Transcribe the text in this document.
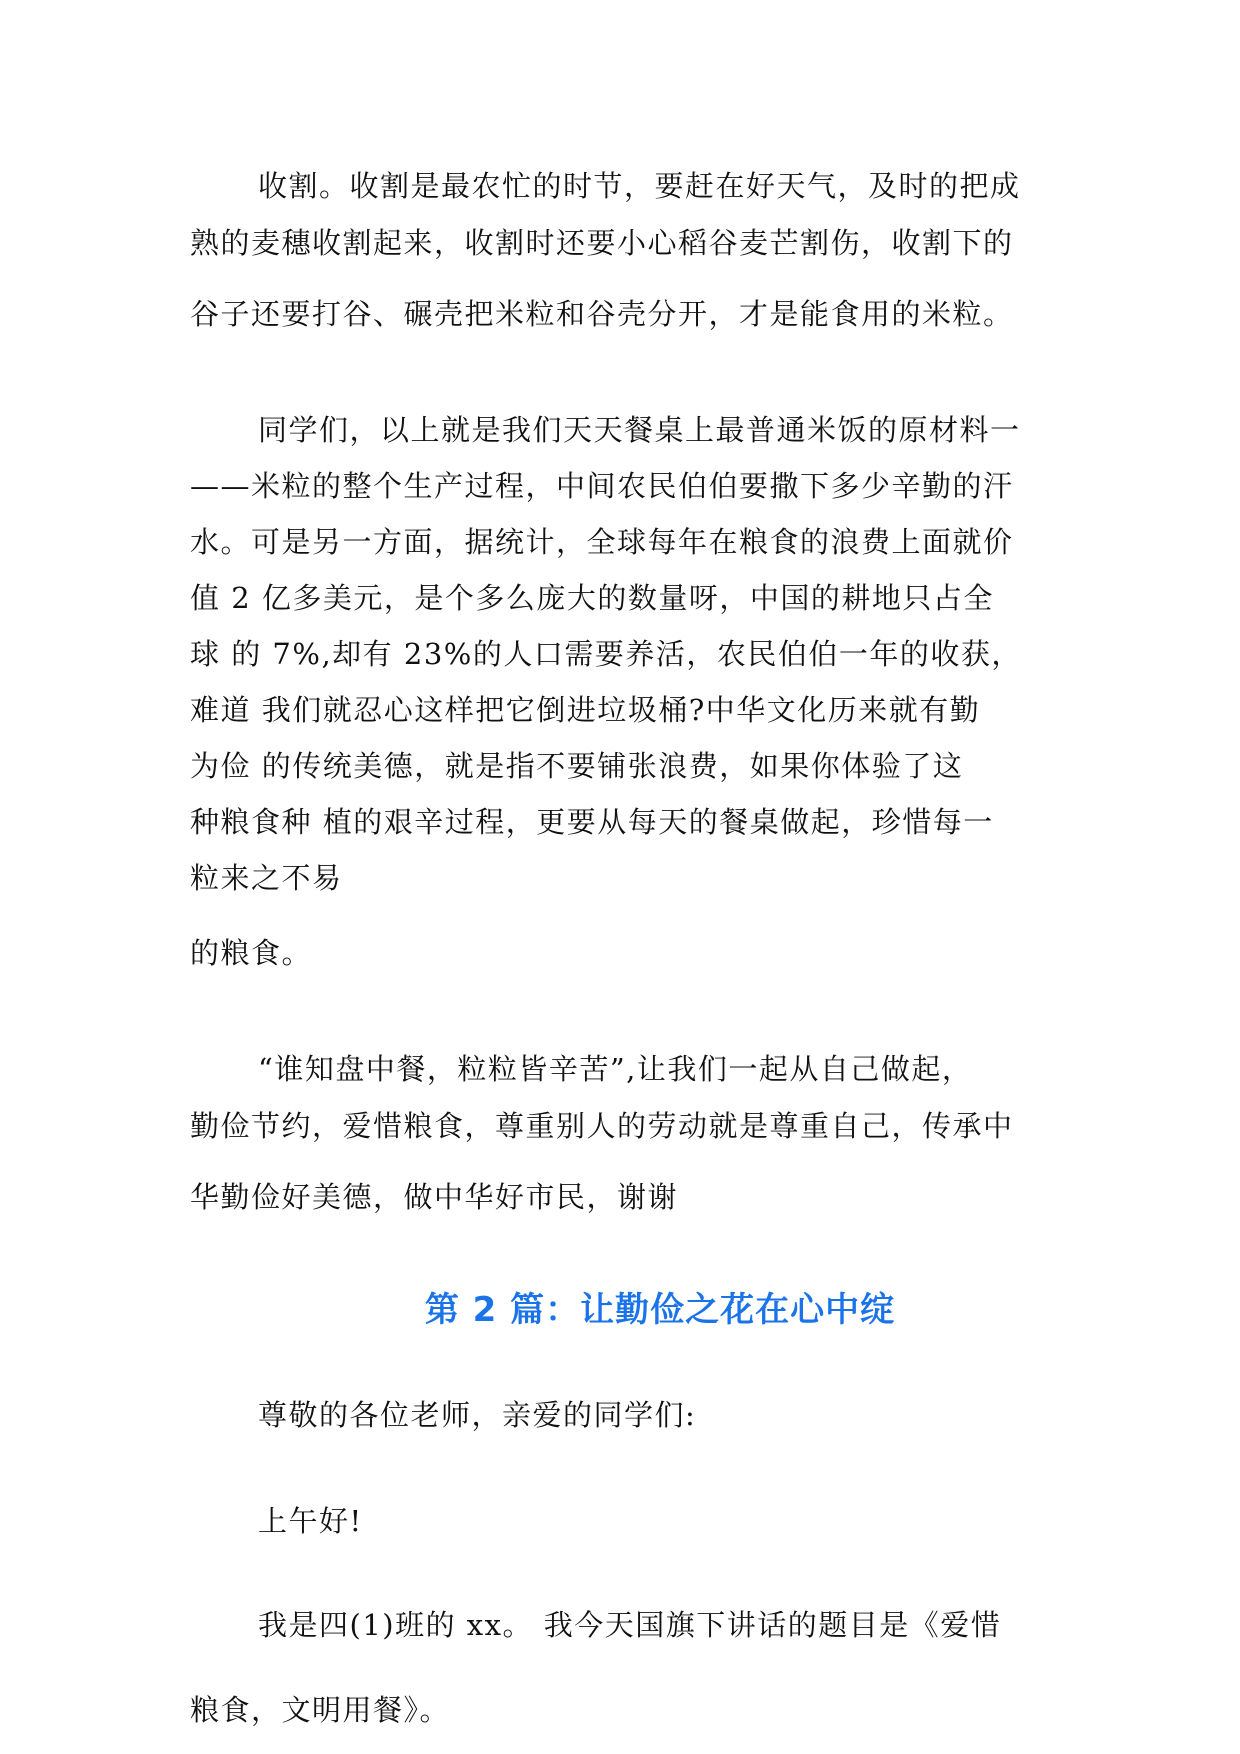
收割。收割是最农忙的时节，要赶在好天气，及时的把成
熟的麦穗收割起来，收割时还要小心稻谷麦芒割伤，收割下的
谷子还要打谷、碾壳把米粒和谷壳分开，才是能食用的米粒。
同学们，以上就是我们天天餐桌上最普通米饭的原材料一
——米粒的整个生产过程，中间农民伯伯要撒下多少辛勤的汗
水。可是另一方面，据统计，全球每年在粮食的浪费上面就价
值 2 亿多美元，是个多么庞大的数量呀，中国的耕地只占全
球 的 7%,却有 23%的人口需要养活，农民伯伯一年的收获，
难道 我们就忍心这样把它倒进垃圾桶?中华文化历来就有勤
为俭 的传统美德，就是指不要铺张浪费，如果你体验了这
种粮食种 植的艰辛过程，更要从每天的餐桌做起，珍惜每一
粒来之不易
的粮食。
“谁知盘中餐，粒粒皆辛苦”,让我们一起从自己做起，
勤俭节约，爱惜粮食，尊重别人的劳动就是尊重自己，传承中
华勤俭好美德，做中华好市民，谢谢
第 2 篇：让勤俭之花在心中绽
尊敬的各位老师，亲爱的同学们:
上午好!
我是四(1)班的 xx。 我今天国旗下讲话的题目是《爱惜
粮食，文明用餐》。
